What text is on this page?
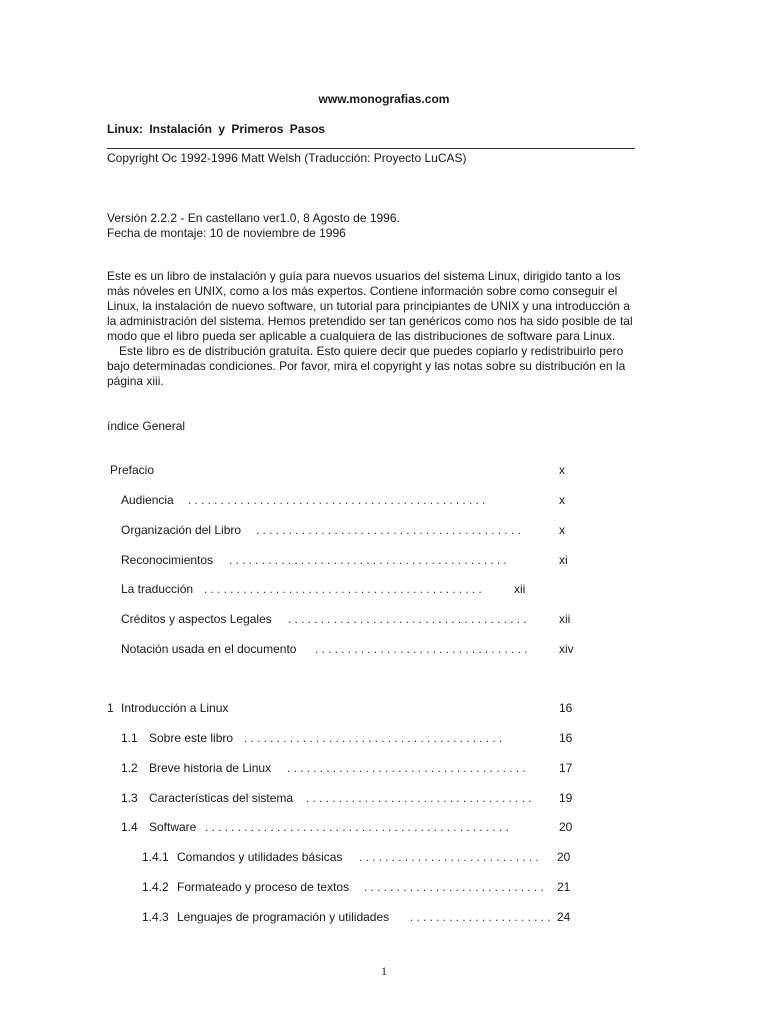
www.monografias.com
Linux: Instalación y Primeros Pasos
Copyright Oc 1992-1996 Matt Welsh (Traducción: Proyecto LuCAS)
Versión 2.2.2 - En castellano ver1.0, 8 Agosto de 1996.
Fecha de montaje: 10 de noviembre de 1996
Este es un libro de instalación y guía para nuevos usuarios del sistema Linux, dirigido tanto a los
más nóveles en UNIX, como a los más expertos. Contiene información sobre como conseguir el
Linux, la instalación de nuevo software, un tutorial para principiantes de UNIX y una introducción a
la administración del sistema. Hemos pretendido ser tan genéricos como nos ha sido posible de tal
modo que el libro pueda ser aplicable a cualquiera de las distribuciones de software para Linux.
Este libro es de distribución gratuíta. Esto quiere decir que puedes copiarlo y redistribuirlo pero
bajo determinadas condiciones. Por favor, mira el copyright y las notas sobre su distribución en la
página xiii.
índice General
Prefacio	x
Audiencia ..............................................	x
Organización del Libro .........................................	x
Reconocimientos ...........................................	xi
La traducción ........................................... xii
Créditos y aspectos Legales ..................................... xii
Notación usada en el documento ................................. xiv
1 Introducción a Linux	16
1.1 Sobre este libro ........................................	16
1.2 Breve historia de Linux .....................................	17
1.3 Características del sistema ................................... 19
1.4 Software ...............................................	20
1.4.1 Comandos y utilidades básicas ............................ 20
1.4.2 Formateado y proceso de textos ............................ 21
1.4.3 Lenguajes de programación y utilidades ...................... 24
1
